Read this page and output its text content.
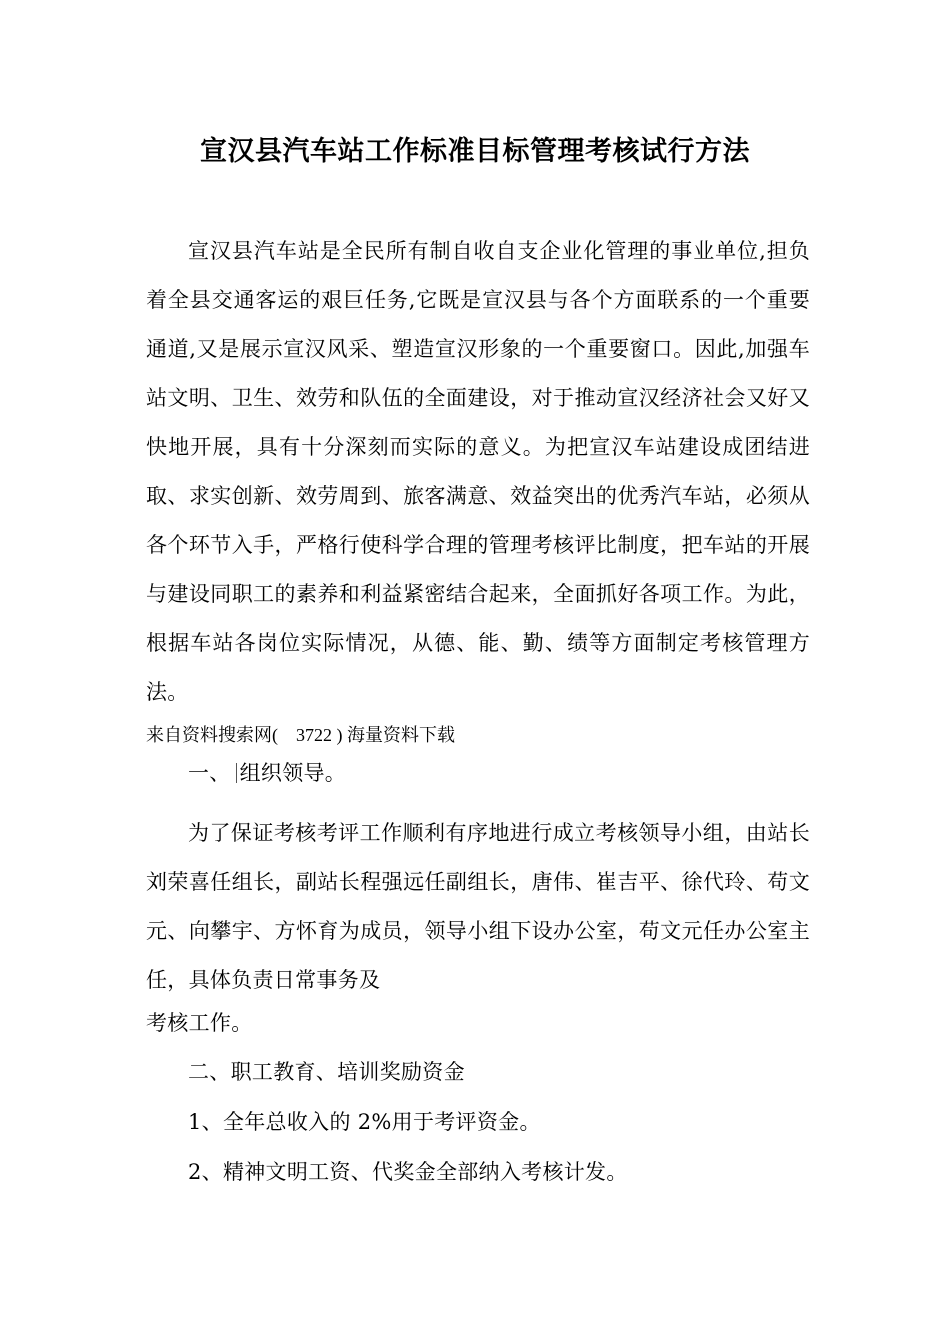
宣汉县汽车站工作标准目标管理考核试行方法

宣汉县汽车站是全民所有制自收自支企业化管理的事业单位,担负着全县交通客运的艰巨任务,它既是宣汉县与各个方面联系的一个重要通道,又是展示宣汉风采、塑造宣汉形象的一个重要窗口。因此,加强车站文明、卫生、效劳和队伍的全面建设，对于推动宣汉经济社会又好又快地开展，具有十分深刻而实际的意义。为把宣汉车站建设成团结进取、求实创新、效劳周到、旅客满意、效益突出的优秀汽车站，必须从各个环节入手，严格行使科学合理的管理考核评比制度，把车站的开展与建设同职工的素养和利益紧密结合起来，全面抓好各项工作。为此，根据车站各岗位实际情况，从德、能、勤、绩等方面制定考核管理方法。

来自资料搜索网( 3722 ) 海量资料下载
一、 组织领导。

为了保证考核考评工作顺利有序地进行成立考核领导小组，由站长刘荣喜任组长，副站长程强远任副组长，唐伟、崔吉平、徐代玲、苟文元、向攀宇、方怀育为成员，领导小组下设办公室，苟文元任办公室主任，具体负责日常事务及

考核工作。
二、职工教育、培训奖励资金
1、全年总收入的 2%用于考评资金。
2、精神文明工资、代奖金全部纳入考核计发。
